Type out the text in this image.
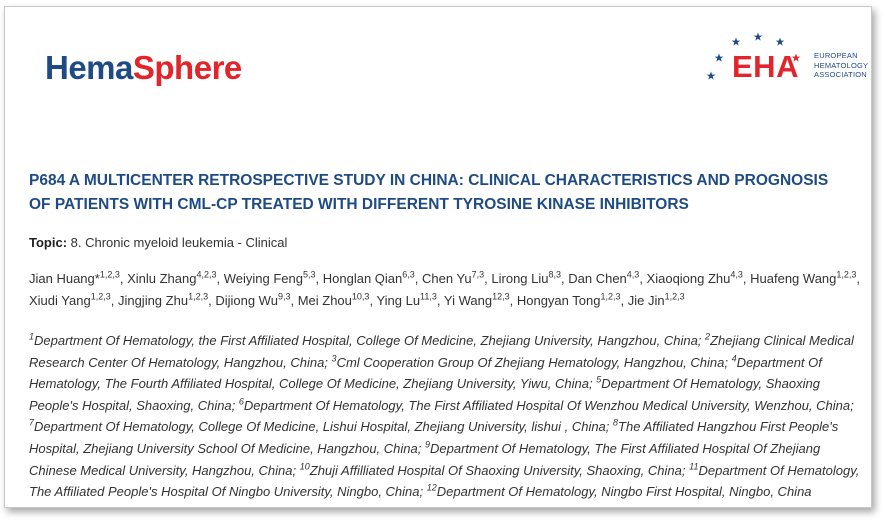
HemaSphere	EHA EUROPEAN
HEMATOLOGY
ASSOCIATION
P684 A MULTICENTER RETROSPECTIVE STUDY IN CHINA: CLINICAL CHARACTERISTICS AND PROGNOSIS
OF PATIENTS WITH CML-CP TREATED WITH DIFFERENT TYROSINE KINASE INHIBITORS
Topic: 8. Chronic myeloid leukemia - Clinical
Jian Huang*$^{1,2,3}$, Xinlu Zhang$^{4,2,3}$, Weiying Feng$^{5,3}$, Honglan Qian$^{6,3}$, Chen Yu$^{7,3}$, Lirong Liu$^{8,3}$, Dan Chen$^{4,3}$, Xiaoqiong Zhu$^{4,3}$, Huafeng Wang$^{1,2,3}$, Xiudi Yang$^{1,2,3}$, Jingjing Zhu$^{1,2,3}$, Dijiong Wu$^{9,3}$, Mei Zhou$^{10,3}$, Ying Lu$^{11,3}$, Yi Wang$^{12,3}$, Hongyan Tong$^{1,2,3}$, Jie Jin$^{1,2,3}$
$^1$Department Of Hematology, the First Affiliated Hospital, College Of Medicine, Zhejiang University, Hangzhou, China; $^2$Zhejiang Clinical Medical Research Center Of Hematology, Hangzhou, China; $^3$Cml Cooperation Group Of Zhejiang Hematology, Hangzhou, China; $^4$Department Of Hematology, The Fourth Affiliated Hospital, College Of Medicine, Zhejiang University, Yiwu, China; $^5$Department Of Hematology, Shaoxing People's Hospital, Shaoxing, China; $^6$Department Of Hematology, The First Affiliated Hospital Of Wenzhou Medical University, Wenzhou, China; $^7$Department Of Hematology, College Of Medicine, Lishui Hospital, Zhejiang University, lishui , China; $^8$The Affiliated Hangzhou First People's Hospital, Zhejiang University School Of Medicine, Hangzhou, China; $^9$Department Of Hematology, The First Affiliated Hospital Of Zhejiang Chinese Medical University, Hangzhou, China; $^{10}$Zhuji Affilliated Hospital Of Shaoxing University, Shaoxing, China; $^{11}$Department Of Hematology, The Affiliated People's Hospital Of Ningbo University, Ningbo, China; $^{12}$Department Of Hematology, Ningbo First Hospital, Ningbo, China
